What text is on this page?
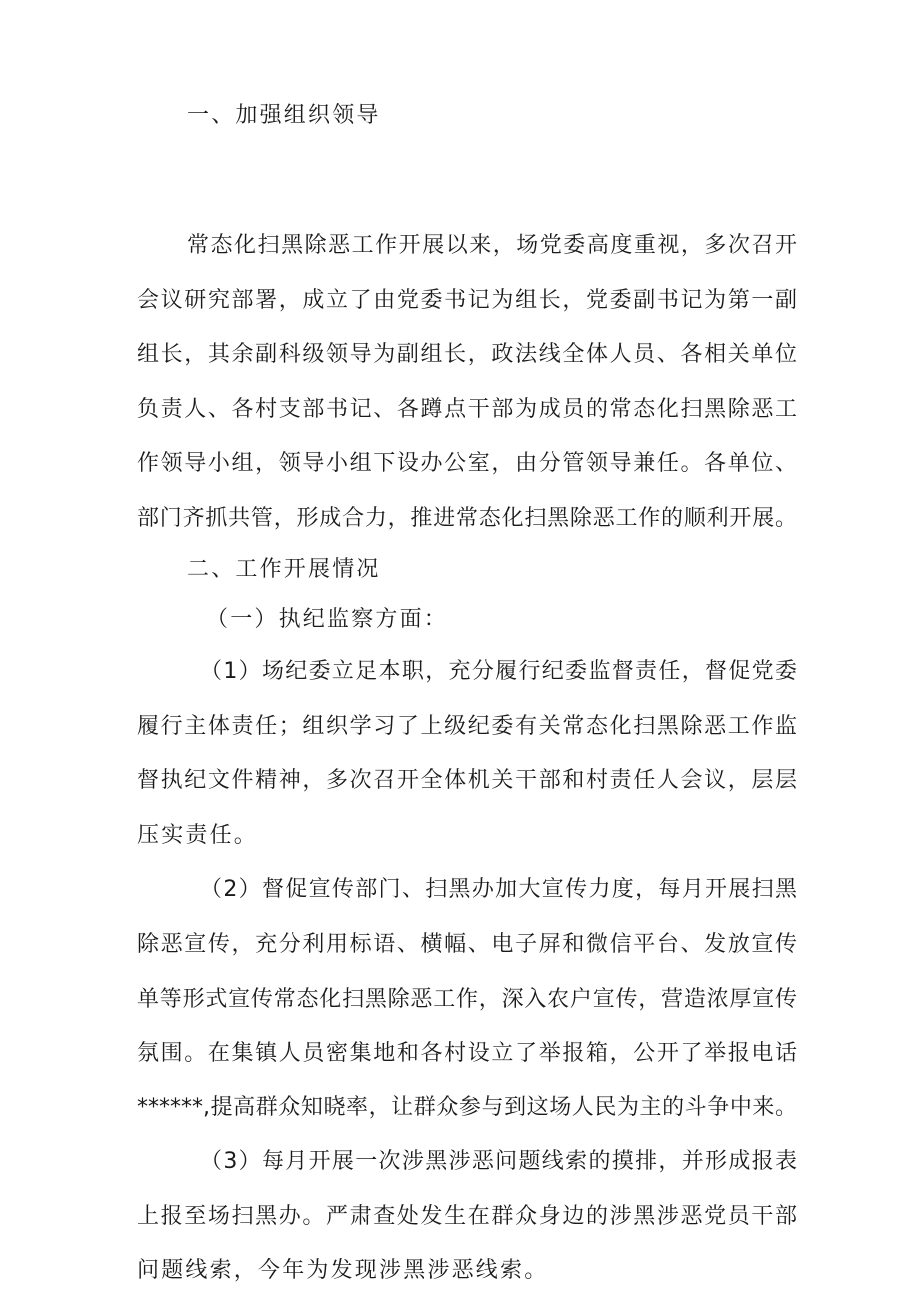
一、加强组织领导

常态化扫黑除恶工作开展以来，场党委高度重视，多次召开

会议研究部署，成立了由党委书记为组长，党委副书记为第一副

组长，其余副科级领导为副组长，政法线全体人员、各相关单位

负责人、各村支部书记、各蹲点干部为成员的常态化扫黑除恶工

作领导小组，领导小组下设办公室，由分管领导兼任。各单位、

部门齐抓共管，形成合力，推进常态化扫黑除恶工作的顺利开展。

二、工作开展情况

（一）执纪监察方面：

（1）场纪委立足本职，充分履行纪委监督责任，督促党委

履行主体责任；组织学习了上级纪委有关常态化扫黑除恶工作监

督执纪文件精神，多次召开全体机关干部和村责任人会议，层层

压实责任。

（2）督促宣传部门、扫黑办加大宣传力度，每月开展扫黑

除恶宣传，充分利用标语、横幅、电子屏和微信平台、发放宣传

单等形式宣传常态化扫黑除恶工作，深入农户宣传，营造浓厚宣传

氛围。在集镇人员密集地和各村设立了举报箱，公开了举报电话

******,提高群众知晓率，让群众参与到这场人民为主的斗争中来。

（3）每月开展一次涉黑涉恶问题线索的摸排，并形成报表

上报至场扫黑办。严肃查处发生在群众身边的涉黑涉恶党员干部

问题线索，今年为发现涉黑涉恶线索。
